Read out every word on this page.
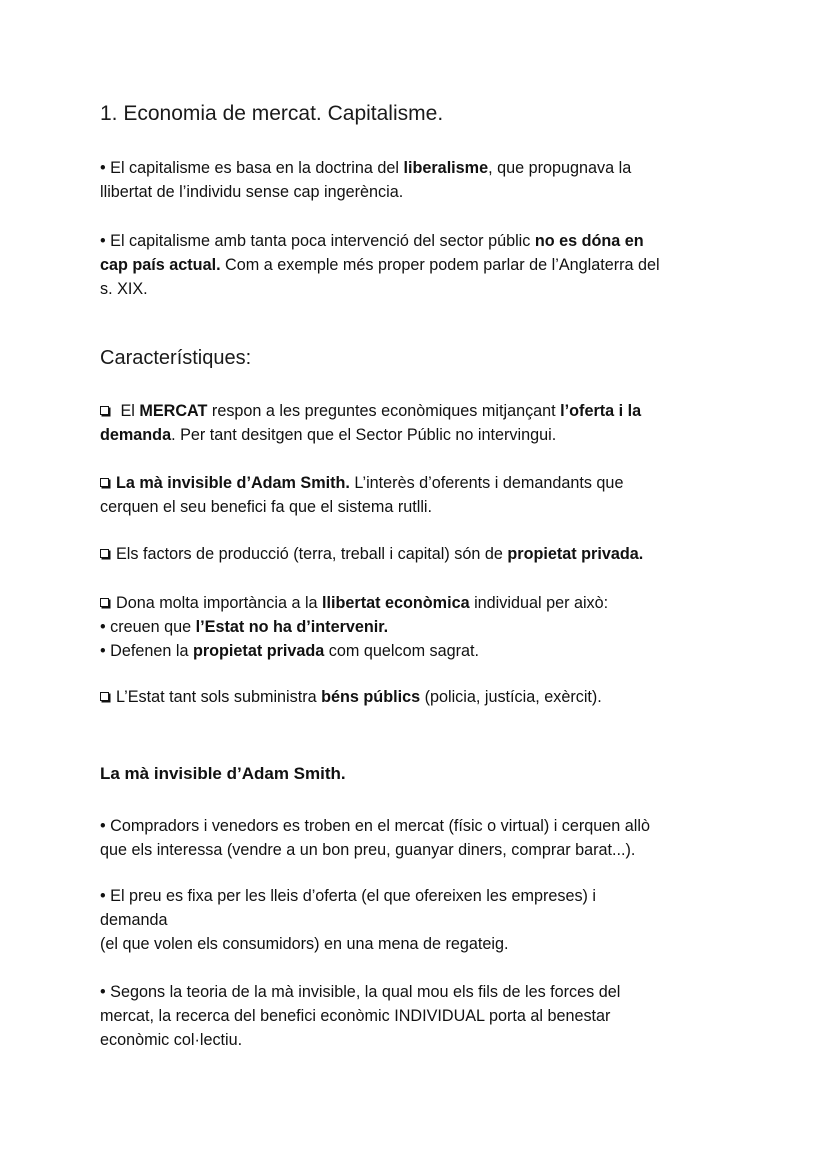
1. Economia de mercat. Capitalisme.
• El capitalisme es basa en la doctrina del liberalisme, que propugnava la
llibertat de l’individu sense cap ingerència.
• El capitalisme amb tanta poca intervenció del sector públic no es dóna en
cap país actual. Com a exemple més proper podem parlar de l’Anglaterra del
s. XIX.
Característiques:
El MERCAT respon a les preguntes econòmiques mitjançant l’oferta i la
demanda. Per tant desitgen que el Sector Públic no intervingui.
La mà invisible d’Adam Smith. L’interès d’oferents i demandants que
cerquen el seu benefici fa que el sistema rutlli.
Els factors de producció (terra, treball i capital) són de propietat privada.
Dona molta importància a la llibertat econòmica individual per això:
• creuen que l’Estat no ha d’intervenir.
• Defenen la propietat privada com quelcom sagrat.
L’Estat tant sols subministra béns públics (policia, justícia, exèrcit).
La mà invisible d’Adam Smith.
• Compradors i venedors es troben en el mercat (físic o virtual) i cerquen allò
que els interessa (vendre a un bon preu, guanyar diners, comprar barat...).
• El preu es fixa per les lleis d’oferta (el que ofereixen les empreses) i
demanda
(el que volen els consumidors) en una mena de regateig.
• Segons la teoria de la mà invisible, la qual mou els fils de les forces del
mercat, la recerca del benefici econòmic INDIVIDUAL porta al benestar
econòmic col·lectiu.
